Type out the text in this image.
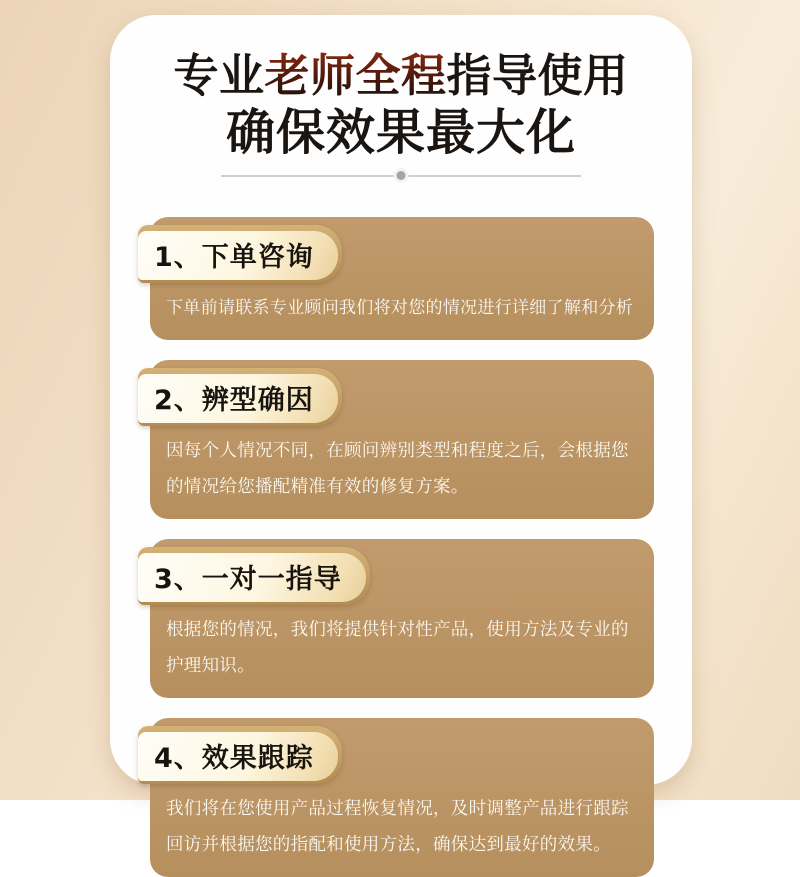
专业老师全程指导使用
确保效果最大化
1、下单咨询

下单前请联系专业顾问我们将对您的情况进行详细了解和分析

2、辨型确因

因每个人情况不同，在顾问辨别类型和程度之后，会根据您的情况给您播配精准有效的修复方案。

3、一对一指导

根据您的情况，我们将提供针对性产品，使用方法及专业的护理知识。

4、效果跟踪

我们将在您使用产品过程恢复情况，及时调整产品进行跟踪回访并根据您的指配和使用方法，确保达到最好的效果。
